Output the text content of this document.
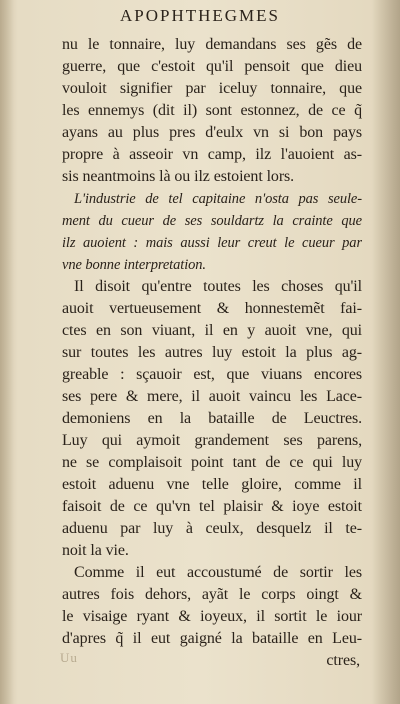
APOPHTHEGMES
nu le tonnaire, luy demandans ses gẽs de
guerre, que c'estoit qu'il pensoit que dieu
vouloit signifier par iceluy tonnaire, que
les ennemys (dit il) sont estonnez, de ce q̃
ayans au plus pres d'eulx vn si bon pays
propre à asseoir vn camp, ilz l'auoient as-
sis neantmoins là ou ilz estoient lors.
L'industrie de tel capitaine n'osta pas seule-
ment du cueur de ses souldartz la crainte que
ilz auoient : mais aussi leur creut le cueur par
vne bonne interpretation.
Il disoit qu'entre toutes les choses qu'il
auoit vertueusement & honnestemẽt fai-
ctes en son viuant, il en y auoit vne, qui
sur toutes les autres luy estoit la plus ag-
greable : sçauoir est, que viuans encores
ses pere & mere, il auoit vaincu les Lace-
demoniens en la bataille de Leuctres.
Luy qui aymoit grandement ses parens,
ne se complaisoit point tant de ce qui luy
estoit aduenu vne telle gloire, comme il
faisoit de ce qu'vn tel plaisir & ioye estoit
aduenu par luy à ceulx, desquelz il te-
noit la vie.
Comme il eut accoustumé de sortir les
autres fois dehors, ayãt le corps oingt &
le visaige ryant & ioyeux, il sortit le iour
d'apres q̃ il eut gaigné la bataille en Leu-
ctres,
Uu
